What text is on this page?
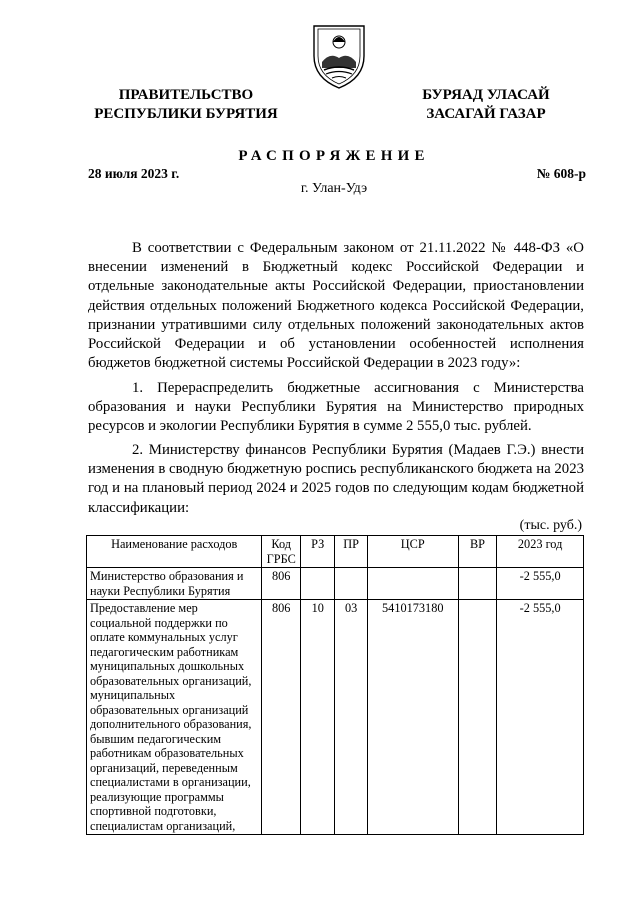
ПРАВИТЕЛЬСТВО
РЕСПУБЛИКИ БУРЯТИЯ
БУРЯАД УЛАСАЙ
ЗАСАГАЙ ГАЗАР
РАСПОРЯЖЕНИЕ
28 июля 2023 г.	№ 608-р
г. Улан-Удэ

В соответствии с Федеральным законом от 21.11.2022 № 448-ФЗ «О внесении изменений в Бюджетный кодекс Российской Федерации и отдельные законодательные акты Российской Федерации, приостановлении действия отдельных положений Бюджетного кодекса Российской Федерации, признании утратившими силу отдельных положений законодательных актов Российской Федерации и об установлении особенностей исполнения бюджетов бюджетной системы Российской Федерации в 2023 году»:

1. Перераспределить бюджетные ассигнования с Министерства образования и науки Республики Бурятия на Министерство природных ресурсов и экологии Республики Бурятия в сумме 2 555,0 тыс. рублей.

2. Министерству финансов Республики Бурятия (Мадаев Г.Э.) внести изменения в сводную бюджетную роспись республиканского бюджета на 2023 год и на плановый период 2024 и 2025 годов по следующим кодам бюджетной классификации:

(тыс. руб.)
Наименование расходов	Код ГРБС	РЗ	ПР	ЦСР	ВР	2023 год
Министерство образования и науки Республики Бурятия	806					-2 555,0
Предоставление мер социальной поддержки по оплате коммунальных услуг педагогическим работникам муниципальных дошкольных образовательных организаций, муниципальных образовательных организаций дополнительного образования, бывшим педагогическим работникам образовательных организаций, переведенным специалистами в организации, реализующие программы спортивной подготовки, специалистам организаций,	806	10	03	5410173180		-2 555,0
